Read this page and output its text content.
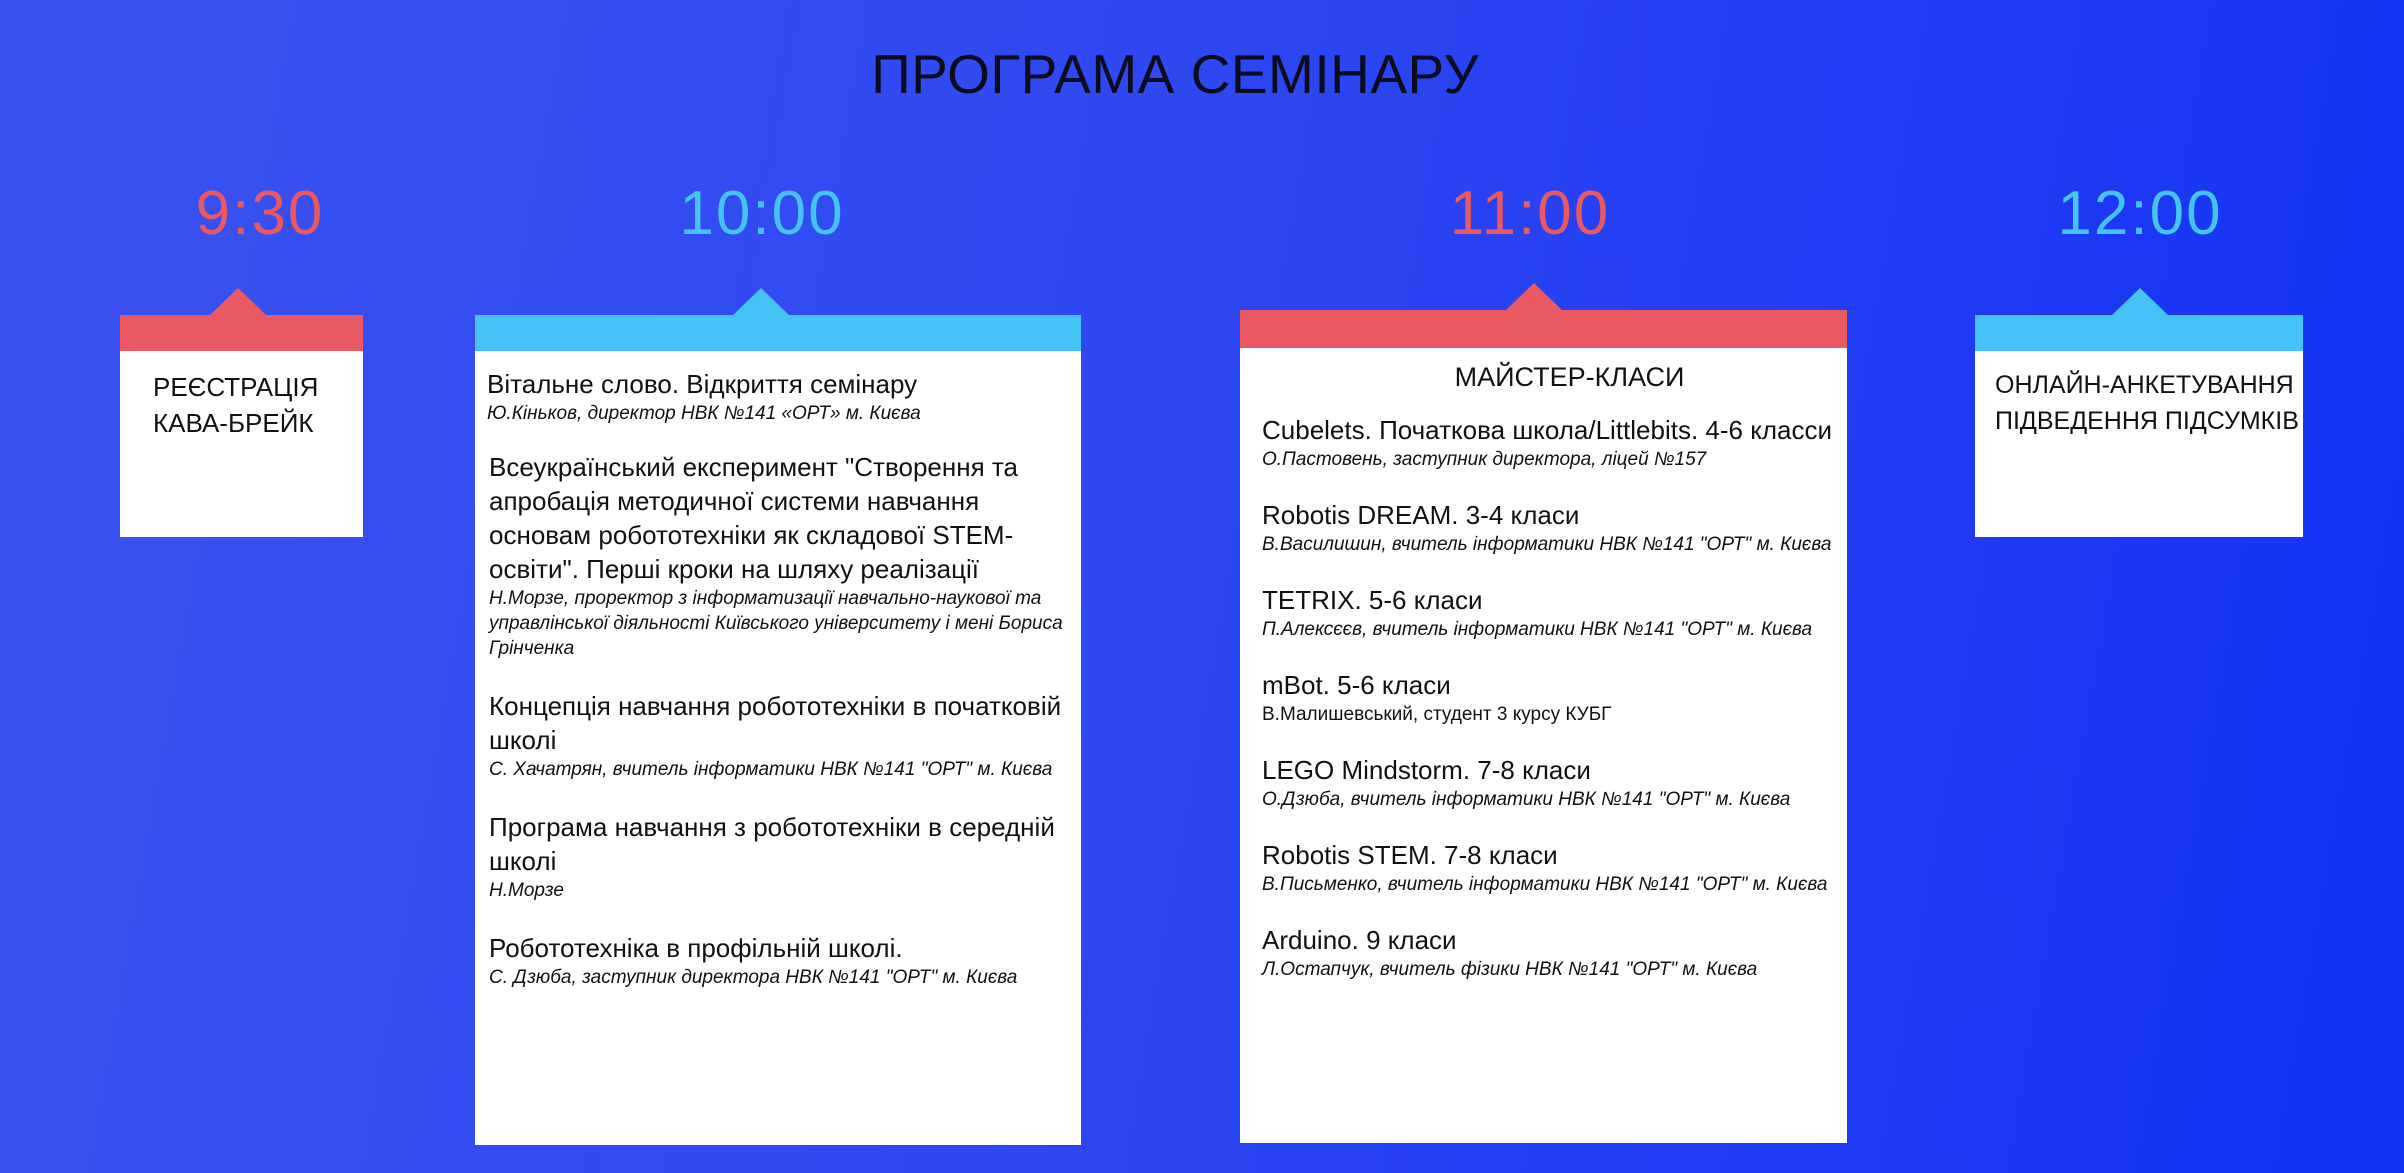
ПРОГРАМА СЕМІНАРУ
9:30	10:00	11:00	12:00
РЕЄСТРАЦІЯ
КАВА-БРЕЙК
Вітальне слово. Відкриття семінару
Ю.Кіньков, директор НВК №141 «ОРТ» м. Києва
Всеукраїнський експеримент "Створення та апробація методичної системи навчання основам робототехніки як складової STEM-освіти". Перші кроки на шляху реалізації
Н.Морзе, проректор з інформатизації навчально-наукової та управлінської діяльності Київського університету і мені Бориса Грінченка
Концепція навчання робототехніки в початковій школі
С. Хачатрян, вчитель інформатики НВК №141 "ОРТ" м. Києва
Програма навчання з робототехніки в середній школі
Н.Морзе
Робототехніка в профільній школі.
С. Дзюба, заступник директора НВК №141 "ОРТ" м. Києва
МАЙСТЕР-КЛАСИ
Cubelets. Початкова школа/Littlebits. 4-6 класси
О.Пастовень, заступник директора, ліцей №157
Robotis DREAM. 3-4 класи
В.Василишин, вчитель інформатики НВК №141 "ОРТ" м. Києва
TETRIX. 5-6 класи
П.Алексєєв, вчитель інформатики НВК №141 "ОРТ" м. Києва
mBot. 5-6 класи
В.Малишевський, студент 3 курсу КУБГ
LEGO Mindstorm. 7-8 класи
О.Дзюба, вчитель інформатики НВК №141 "ОРТ" м. Києва
Robotis STEM. 7-8 класи
В.Письменко, вчитель інформатики НВК №141 "ОРТ" м. Києва
Arduino. 9 класи
Л.Остапчук, вчитель фізики НВК №141 "ОРТ" м. Києва
ОНЛАЙН-АНКЕТУВАННЯ
ПІДВЕДЕННЯ ПІДСУМКІВ
